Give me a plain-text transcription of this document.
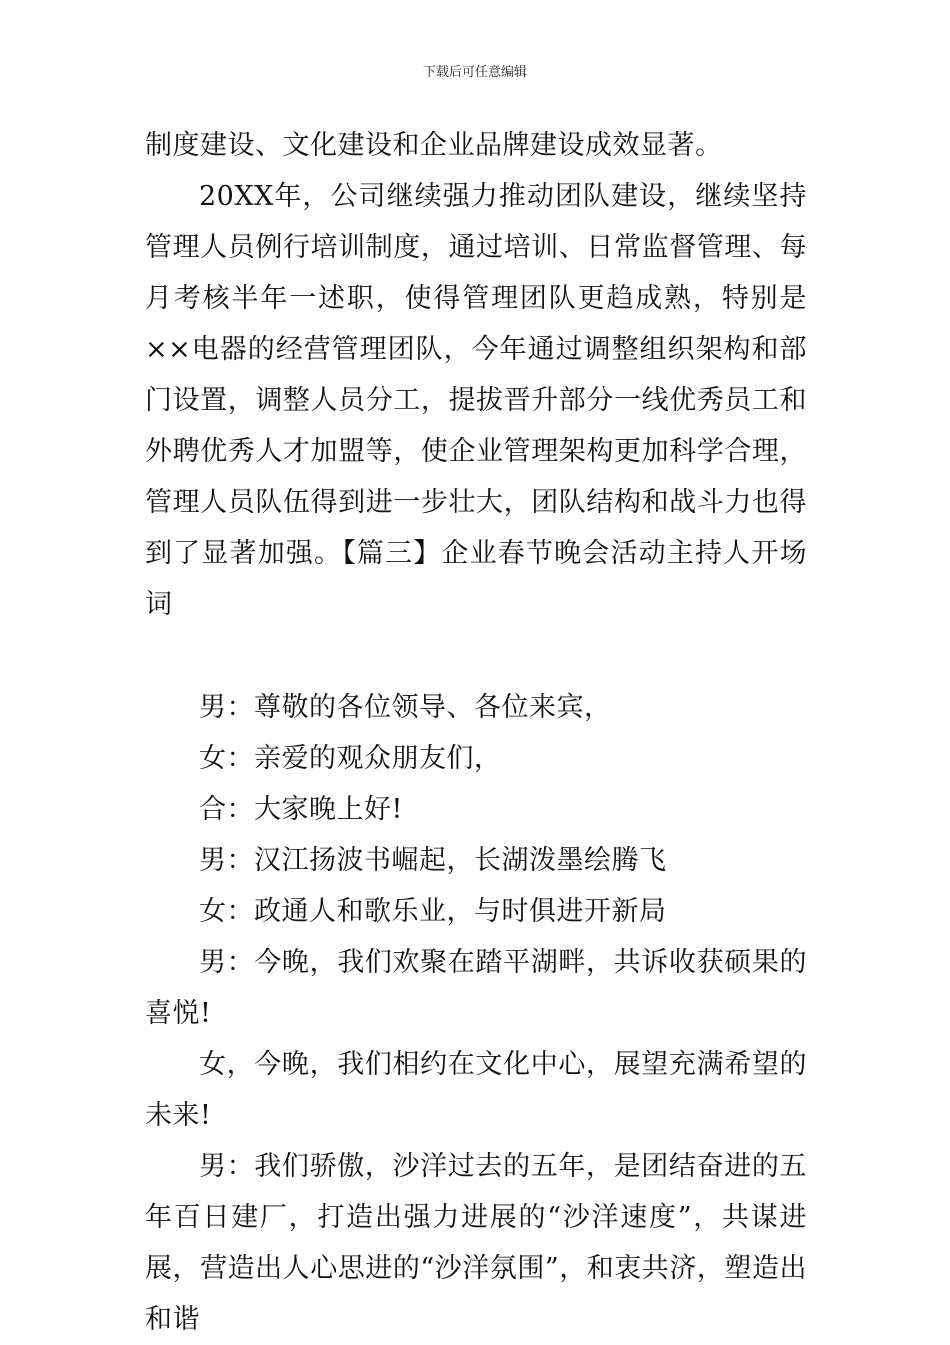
下载后可任意编辑

制度建设、文化建设和企业品牌建设成效显著。

20XX年，公司继续强力推动团队建设，继续坚持管理人员例行培训制度，通过培训、日常监督管理、每月考核半年一述职，使得管理团队更趋成熟，特别是××电器的经营管理团队，今年通过调整组织架构和部门设置，调整人员分工，提拔晋升部分一线优秀员工和外聘优秀人才加盟等，使企业管理架构更加科学合理，管理人员队伍得到进一步壮大，团队结构和战斗力也得到了显著加强。【篇三】企业春节晚会活动主持人开场词

男：尊敬的各位领导、各位来宾，

女：亲爱的观众朋友们，

合：大家晚上好!

男：汉江扬波书崛起，长湖泼墨绘腾飞

女：政通人和歌乐业，与时俱进开新局

男：今晚，我们欢聚在踏平湖畔，共诉收获硕果的喜悦!

女，今晚，我们相约在文化中心，展望充满希望的未来!

男：我们骄傲，沙洋过去的五年，是团结奋进的五年百日建厂，打造出强力进展的“沙洋速度”，共谋进展，营造出人心思进的“沙洋氛围”，和衷共济，塑造出和谐
